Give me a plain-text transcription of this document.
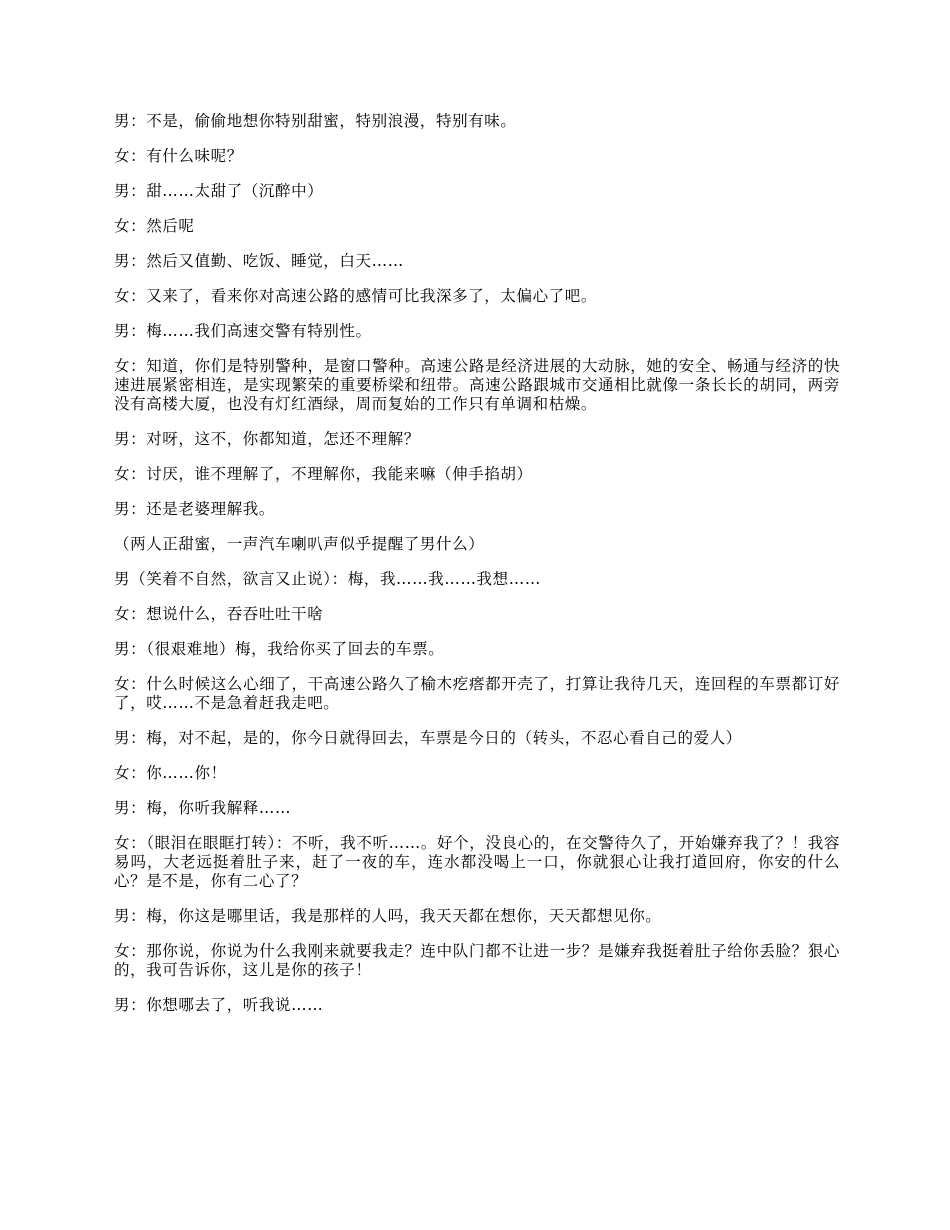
男：不是，偷偷地想你特别甜蜜，特别浪漫，特别有味。

女：有什么味呢？

男：甜……太甜了（沉醉中）

女：然后呢

男：然后又值勤、吃饭、睡觉，白天……

女：又来了，看来你对高速公路的感情可比我深多了，太偏心了吧。

男：梅……我们高速交警有特别性。

女：知道，你们是特别警种，是窗口警种。高速公路是经济进展的大动脉，她的安全、畅通与经济的快速进展紧密相连，是实现繁荣的重要桥梁和纽带。高速公路跟城市交通相比就像一条长长的胡同，两旁没有高楼大厦，也没有灯红酒绿，周而复始的工作只有单调和枯燥。

男：对呀，这不，你都知道，怎还不理解？

女：讨厌，谁不理解了，不理解你，我能来嘛（伸手掐胡）

男：还是老婆理解我。

（两人正甜蜜，一声汽车喇叭声似乎提醒了男什么）

男（笑着不自然，欲言又止说）：梅，我……我……我想……

女：想说什么，吞吞吐吐干啥

男：（很艰难地）梅，我给你买了回去的车票。

女：什么时候这么心细了，干高速公路久了榆木疙瘩都开壳了，打算让我待几天，连回程的车票都订好了，哎……不是急着赶我走吧。

男：梅，对不起，是的，你今日就得回去，车票是今日的（转头，不忍心看自己的爱人）

女：你……你！

男：梅，你听我解释……

女：（眼泪在眼眶打转）：不听，我不听……。好个，没良心的，在交警待久了，开始嫌弃我了？！我容易吗，大老远挺着肚子来，赶了一夜的车，连水都没喝上一口，你就狠心让我打道回府，你安的什么心？是不是，你有二心了？

男：梅，你这是哪里话，我是那样的人吗，我天天都在想你，天天都想见你。

女：那你说，你说为什么我刚来就要我走？连中队门都不让进一步？是嫌弃我挺着肚子给你丢脸？狠心的，我可告诉你，这儿是你的孩子！

男：你想哪去了，听我说……
